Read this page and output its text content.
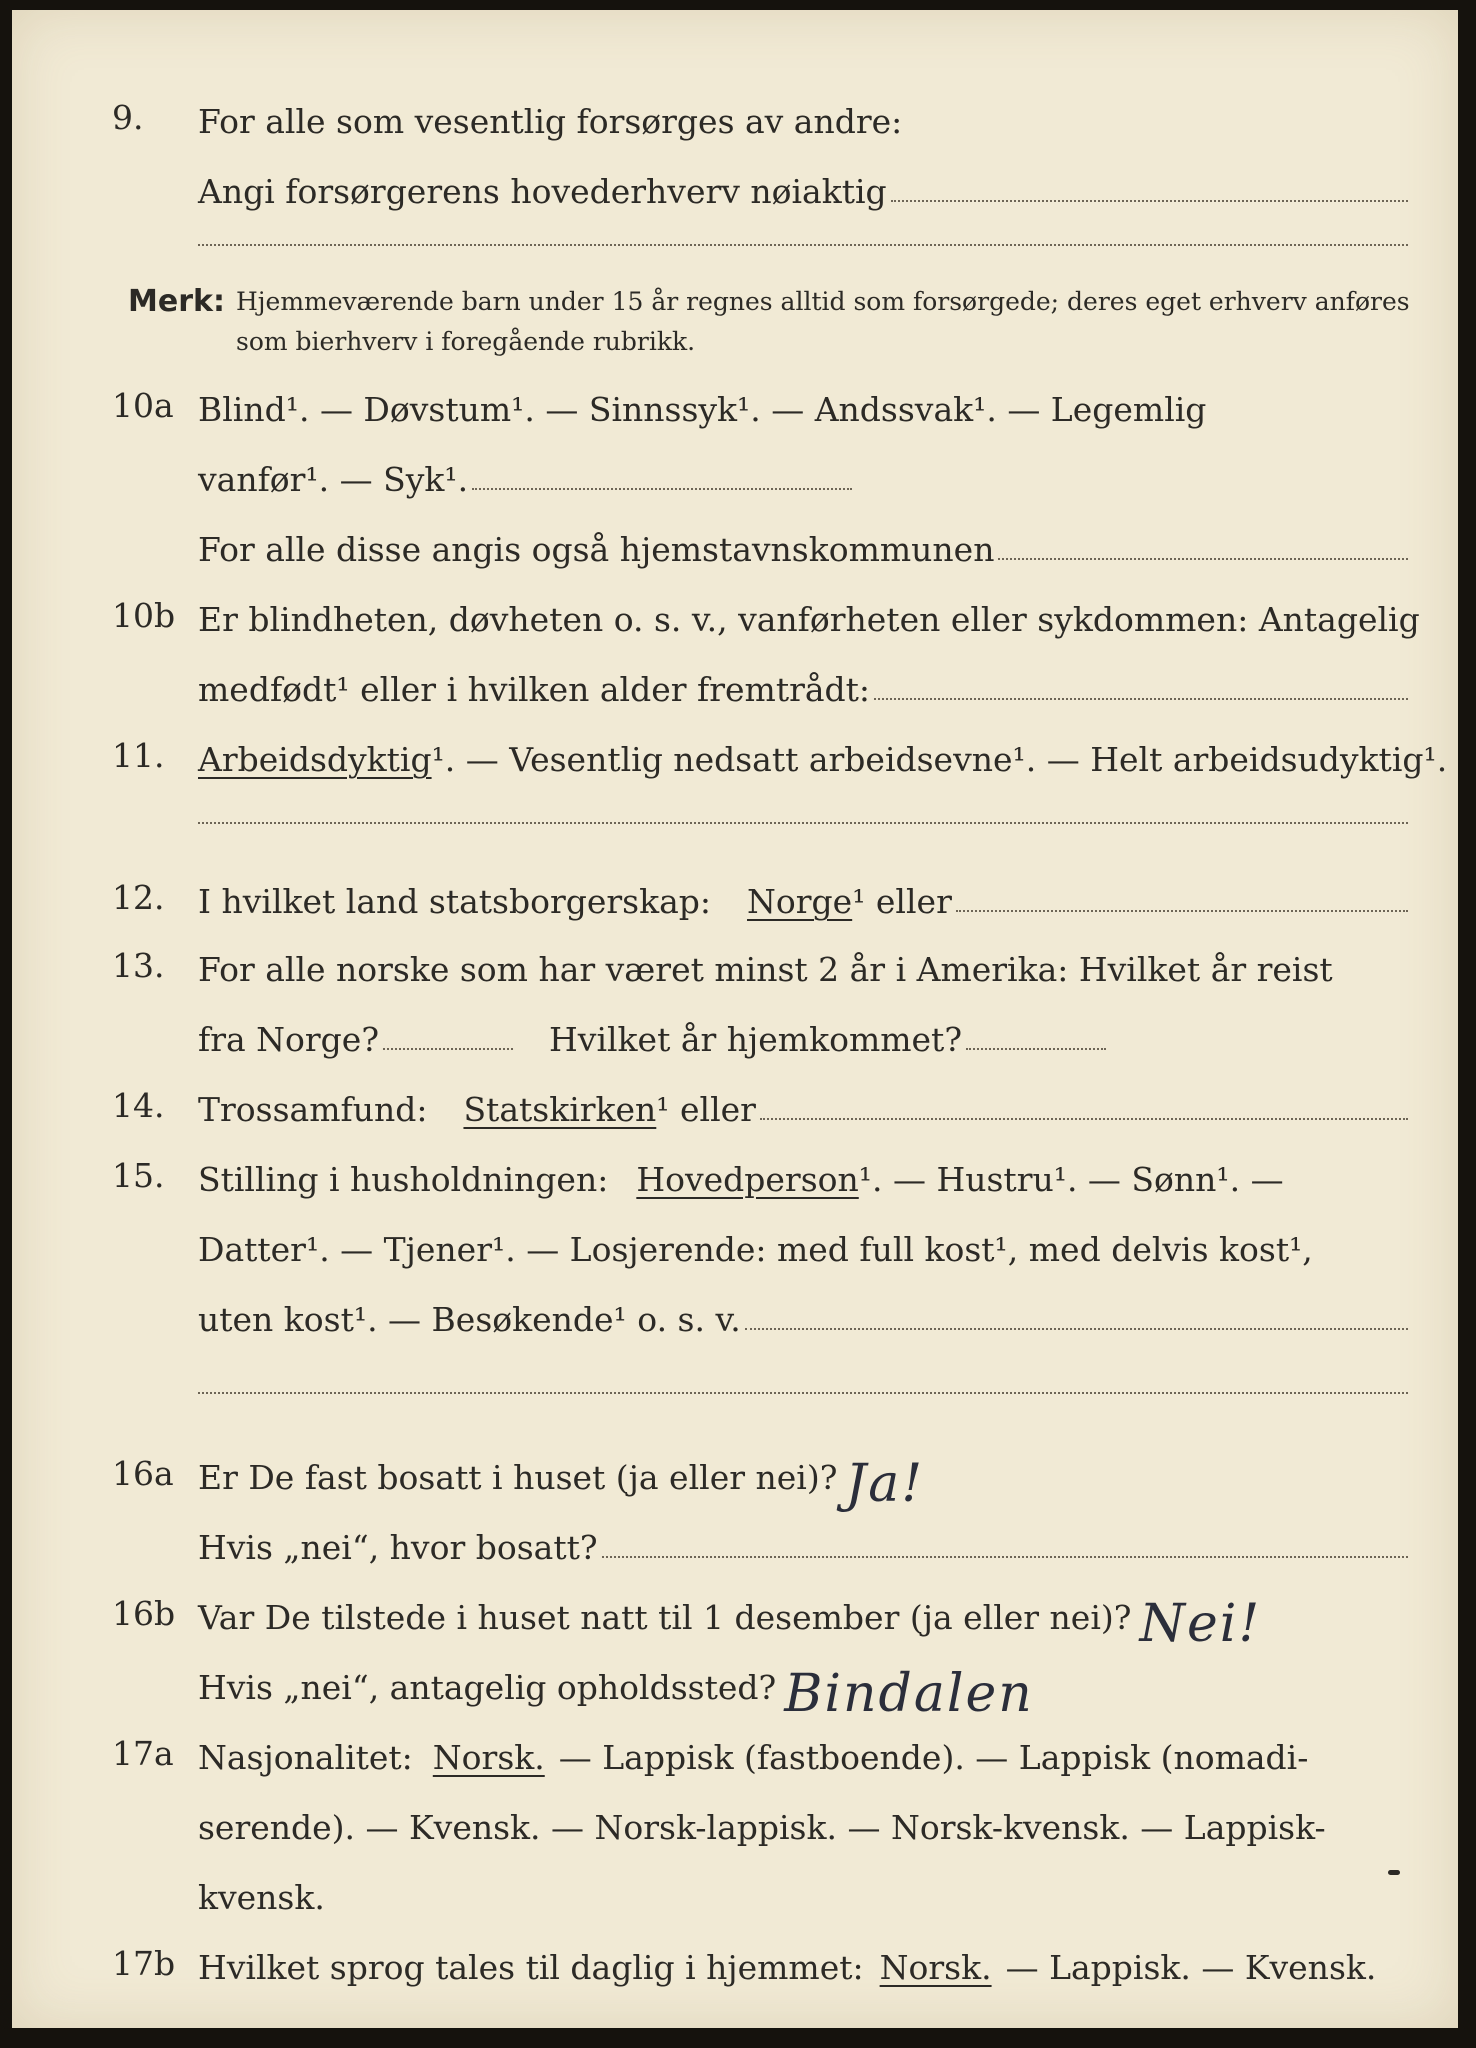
9. For alle som vesentlig forsørges av andre:
Angi forsørgerens hovederhverv nøiaktig
Merk: Hjemmeværende barn under 15 år regnes alltid som forsørgede; deres eget erhverv anføres som bierhverv i foregående rubrikk.
10a Blind¹. — Døvstum¹. — Sinnssyk¹. — Andssvak¹. — Legemlig
vanfør¹. — Syk¹.
For alle disse angis også hjemstavnskommunen
10b Er blindheten, døvheten o. s. v., vanførheten eller sykdommen: Antagelig
medfødt¹ eller i hvilken alder fremtrådt:
11. Arbeidsdyktig ¹. — Vesentlig nedsatt arbeidsevne¹. — Helt arbeidsudyktig¹.
12. I hvilket land statsborgerskap: Norge ¹ eller
13. For alle norske som har været minst 2 år i Amerika: Hvilket år reist
fra Norge?	Hvilket år hjemkommet?
14. Trossamfund: Statskirken ¹ eller
15. Stilling i husholdningen: Hovedperson ¹. — Hustru¹. — Sønn¹. —
Datter¹. — Tjener¹. — Losjerende: med full kost¹, med delvis kost¹,
uten kost¹. — Besøkende¹ o. s. v.
16a Er De fast bosatt i huset (ja eller nei)? Ja!
Hvis „nei“, hvor bosatt?
16b Var De tilstede i huset natt til 1 desember (ja eller nei)? Nei!
Hvis „nei“, antagelig opholdssted? Bindalen
17a Nasjonalitet: Norsk. — Lappisk (fastboende). — Lappisk (nomadi-
serende). — Kvensk. — Norsk-lappisk. — Norsk-kvensk. — Lappisk-
kvensk.
17b Hvilket sprog tales til daglig i hjemmet: Norsk. — Lappisk. — Kvensk.
